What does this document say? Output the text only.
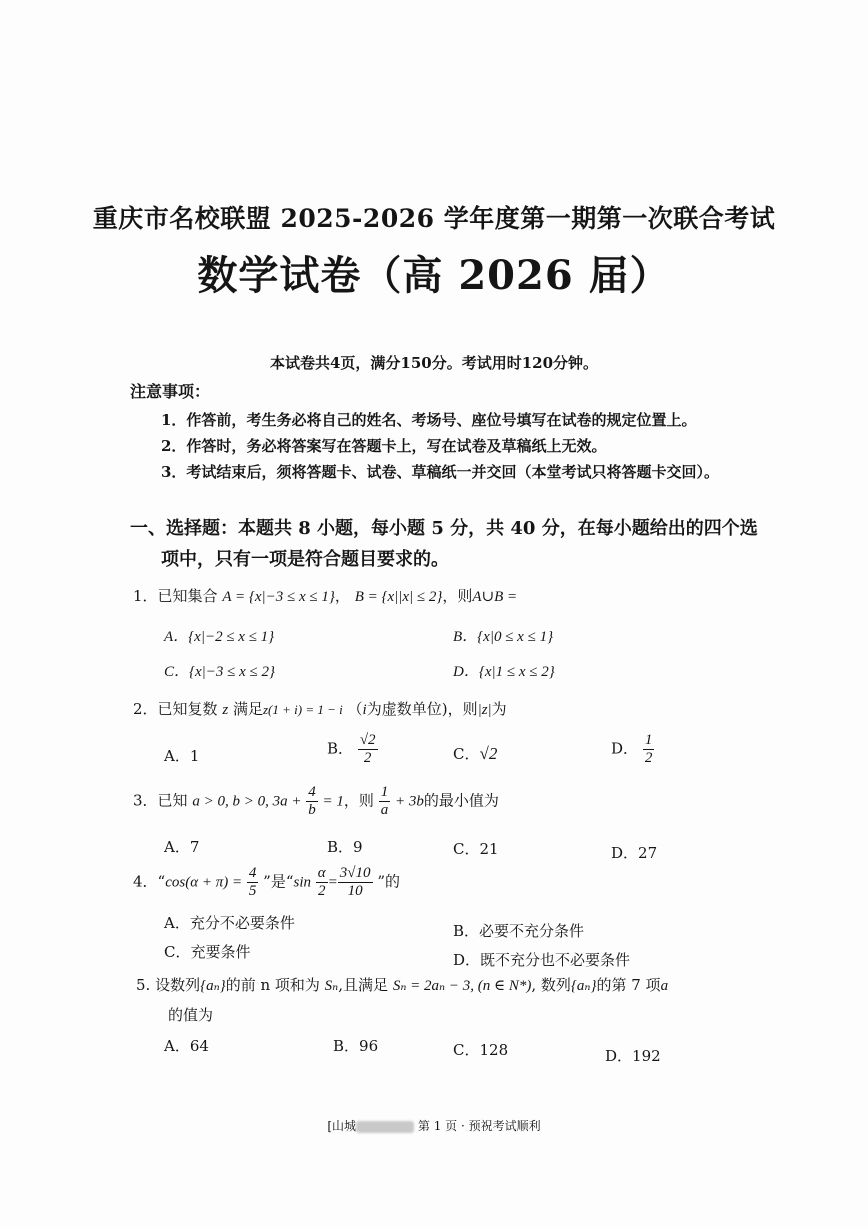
重庆市名校联盟 2025-2026 学年度第一期第一次联合考试
数学试卷（高 2026 届）
本试卷共4页，满分150分。考试用时120分钟。
注意事项：
1．作答前，考生务必将自己的姓名、考场号、座位号填写在试卷的规定位置上。
2．作答时，务必将答案写在答题卡上，写在试卷及草稿纸上无效。
3．考试结束后，须将答题卡、试卷、草稿纸一并交回（本堂考试只将答题卡交回）。
一、选择题：本题共 8 小题，每小题 5 分，共 40 分，在每小题给出的四个选
项中，只有一项是符合题目要求的。
1．已知集合 A = {x|−3 ≤ x ≤ 1}， B = {x||x| ≤ 2}，则A∪B =
A．{x|−2 ≤ x ≤ 1}	B．{x|0 ≤ x ≤ 1}
C．{x|−3 ≤ x ≤ 2}	D．{x|1 ≤ x ≤ 2}
2．已知复数 z 满足z(1 + i) = 1 − i （i为虚数单位)，则|z|为
A．1	B． $\frac{√2}{2}$	C．√2	D． $\frac{1}{2}$
3．已知 a > 0, b > 0, $3a + \frac{4}{b} = 1$，则 $\frac{1}{a} + 3b$的最小值为
A．7	B．9	C．21	D．27
4．“$\cos(\alpha + \pi) = \frac{4}{5}$ ”是“$\sin \frac{\alpha}{2} = \frac{3√10}{10}$ ”的
A．充分不必要条件	B．必要不充分条件
C．充要条件	D．既不充分也不必要条件
5. 设数列{aₙ}的前 n 项和为 Sₙ,且满足 Sₙ = 2aₙ − 3, (n ∈ N*), 数列{aₙ}的第 7 项a
的值为
A．64	B．96	C．128	D．192
[山城	第 1 页 · 预祝考试顺利
